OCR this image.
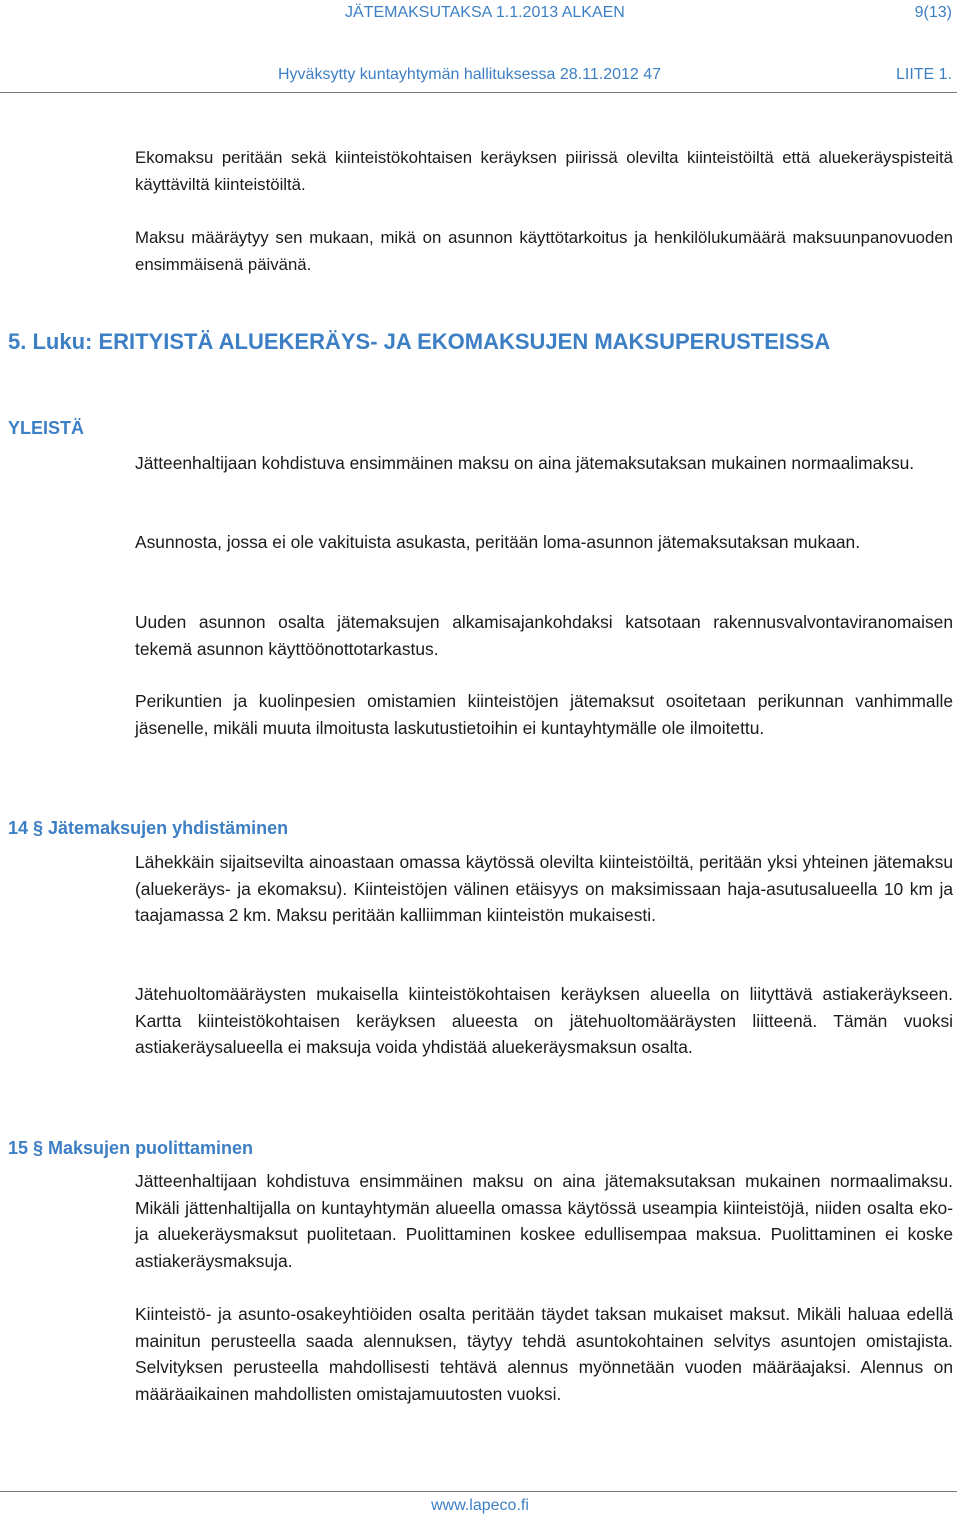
JÄTEMAKSUTAKSA 1.1.2013 ALKAEN	9(13)
Hyväksytty kuntayhtymän hallituksessa 28.11.2012 47	LIITE 1.

Ekomaksu peritään sekä kiinteistökohtaisen keräyksen piirissä olevilta kiinteistöiltä että aluekeräyspisteitä käyttäviltä kiinteistöiltä.

Maksu määräytyy sen mukaan, mikä on asunnon käyttötarkoitus ja henkilölukumäärä maksuunpanovuoden ensimmäisenä päivänä.

5. Luku: ERITYISTÄ ALUEKERÄYS- JA EKOMAKSUJEN MAKSUPERUSTEISSA
YLEISTÄ

Jätteenhaltijaan kohdistuva ensimmäinen maksu on aina jätemaksutaksan mukainen normaalimaksu.

Asunnosta, jossa ei ole vakituista asukasta, peritään loma-asunnon jätemaksutaksan mukaan.

Uuden asunnon osalta jätemaksujen alkamisajankohdaksi katsotaan rakennusvalvontaviranomaisen tekemä asunnon käyttöönottotarkastus.

Perikuntien ja kuolinpesien omistamien kiinteistöjen jätemaksut osoitetaan perikunnan vanhimmalle jäsenelle, mikäli muuta ilmoitusta laskutustietoihin ei kuntayhtymälle ole ilmoitettu.

14 § Jätemaksujen yhdistäminen

Lähekkäin sijaitsevilta ainoastaan omassa käytössä olevilta kiinteistöiltä, peritään yksi yhteinen jätemaksu (aluekeräys- ja ekomaksu). Kiinteistöjen välinen etäisyys on maksimissaan haja-asutusalueella 10 km ja taajamassa 2 km. Maksu peritään kalliimman kiinteistön mukaisesti.

Jätehuoltomääräysten mukaisella kiinteistökohtaisen keräyksen alueella on liityttävä astiakeräykseen. Kartta kiinteistökohtaisen keräyksen alueesta on jätehuoltomääräysten liitteenä. Tämän vuoksi astiakeräysalueella ei maksuja voida yhdistää aluekeräysmaksun osalta.

15 § Maksujen puolittaminen

Jätteenhaltijaan kohdistuva ensimmäinen maksu on aina jätemaksutaksan mukainen normaalimaksu. Mikäli jättenhaltijalla on kuntayhtymän alueella omassa käytössä useampia kiinteistöjä, niiden osalta eko- ja aluekeräysmaksut puolitetaan. Puolittaminen koskee edullisempaa maksua. Puolittaminen ei koske astiakeräysmaksuja.

Kiinteistö- ja asunto-osakeyhtiöiden osalta peritään täydet taksan mukaiset maksut. Mikäli haluaa edellä mainitun perusteella saada alennuksen, täytyy tehdä asuntokohtainen selvitys asuntojen omistajista. Selvityksen perusteella mahdollisesti tehtävä alennus myönnetään vuoden määräajaksi. Alennus on määräaikainen mahdollisten omistajamuutosten vuoksi.

www.lapeco.fi
